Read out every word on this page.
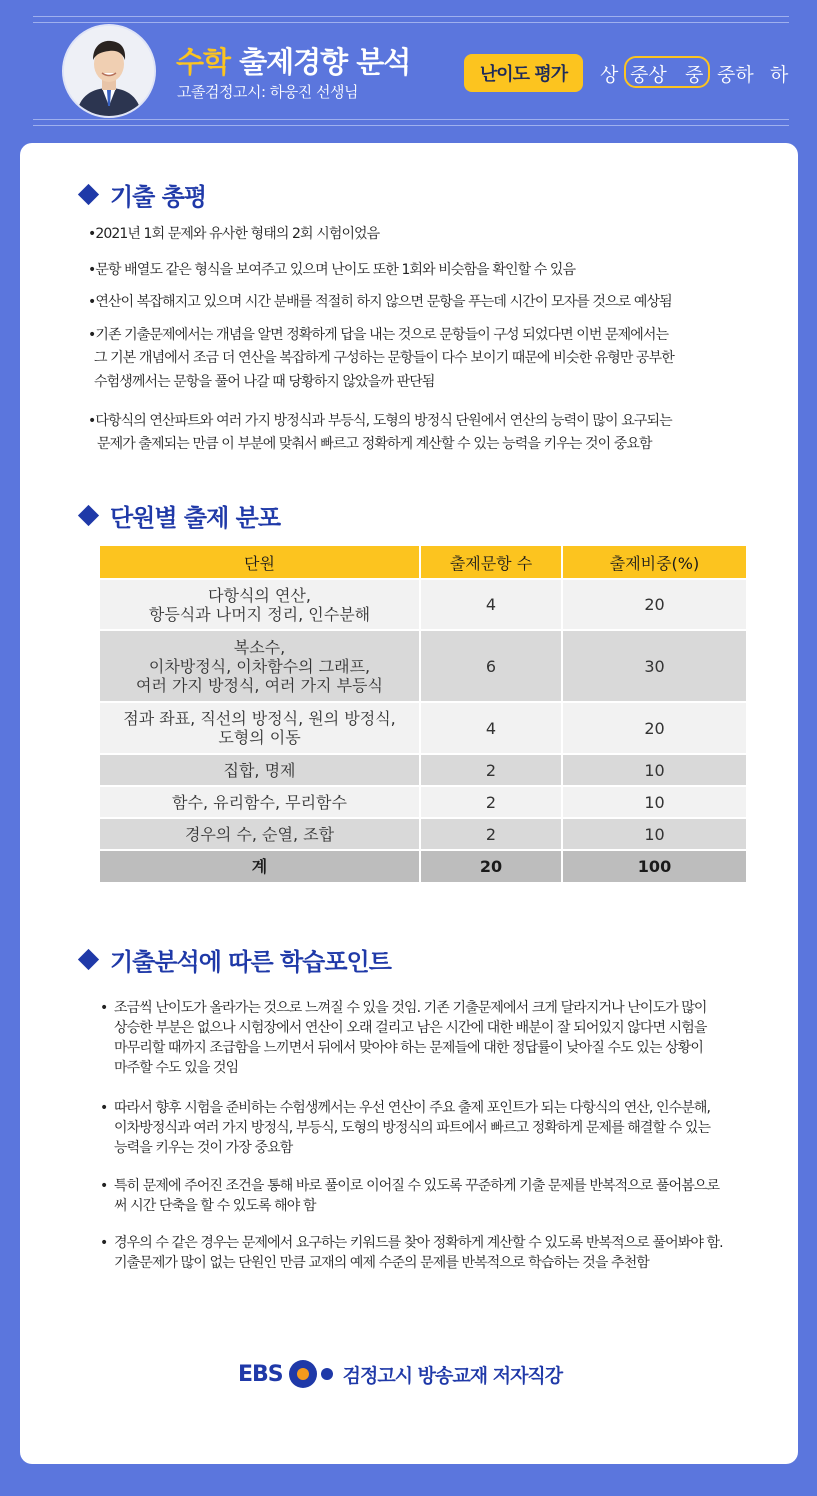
수학 출제경향 분석
고졸검정고시: 하웅진 선생님
난이도 평가	상 중상 중 중하 하
기출 총평
•2021년 1회 문제와 유사한 형태의 2회 시험이었음
•문항 배열도 같은 형식을 보여주고 있으며 난이도 또한 1회와 비슷함을 확인할 수 있음
•연산이 복잡해지고 있으며 시간 분배를 적절히 하지 않으면 문항을 푸는데 시간이 모자를 것으로 예상됨
•기존 기출문제에서는 개념을 알면 정확하게 답을 내는 것으로 문항들이 구성 되었다면 이번 문제에서는
그 기본 개념에서 조금 더 연산을 복잡하게 구성하는 문항들이 다수 보이기 때문에 비슷한 유형만 공부한
수험생께서는 문항을 풀어 나갈 때 당황하지 않았을까 판단됨
•다항식의 연산파트와 여러 가지 방정식과 부등식, 도형의 방정식 단원에서 연산의 능력이 많이 요구되는
문제가 출제되는 만큼 이 부분에 맞춰서 빠르고 정확하게 계산할 수 있는 능력을 키우는 것이 중요함
단원별 출제 분포
단원	출제문항 수	출제비중(%)

다항식의 연산,
항등식과 나머지 정리, 인수분해	4	20

복소수,
이차방정식, 이차함수의 그래프,
여러 가지 방정식, 여러 가지 부등식	6	30

점과 좌표, 직선의 방정식, 원의 방정식,
도형의 이동	4	20
집합, 명제	2	10
함수, 유리함수, 무리함수	2	10
경우의 수, 순열, 조합	2	10
계	20	100
기출분석에 따른 학습포인트
• 조금씩 난이도가 올라가는 것으로 느껴질 수 있을 것임. 기존 기출문제에서 크게 달라지거나 난이도가 많이
상승한 부분은 없으나 시험장에서 연산이 오래 걸리고 남은 시간에 대한 배분이 잘 되어있지 않다면 시험을
마무리할 때까지 조급함을 느끼면서 뒤에서 맞아야 하는 문제들에 대한 정답률이 낮아질 수도 있는 상황이
마주할 수도 있을 것임
• 따라서 향후 시험을 준비하는 수험생께서는 우선 연산이 주요 출제 포인트가 되는 다항식의 연산, 인수분해,
이차방정식과 여러 가지 방정식, 부등식, 도형의 방정식의 파트에서 빠르고 정확하게 문제를 해결할 수 있는
능력을 키우는 것이 가장 중요함
• 특히 문제에 주어진 조건을 통해 바로 풀이로 이어질 수 있도록 꾸준하게 기출 문제를 반복적으로 풀어봄으로
써 시간 단축을 할 수 있도록 해야 함
• 경우의 수 같은 경우는 문제에서 요구하는 키워드를 찾아 정확하게 계산할 수 있도록 반복적으로 풀어봐야 함.
기출문제가 많이 없는 단원인 만큼 교재의 예제 수준의 문제를 반복적으로 학습하는 것을 추천함
EBS	검정고시 방송교재 저자직강
